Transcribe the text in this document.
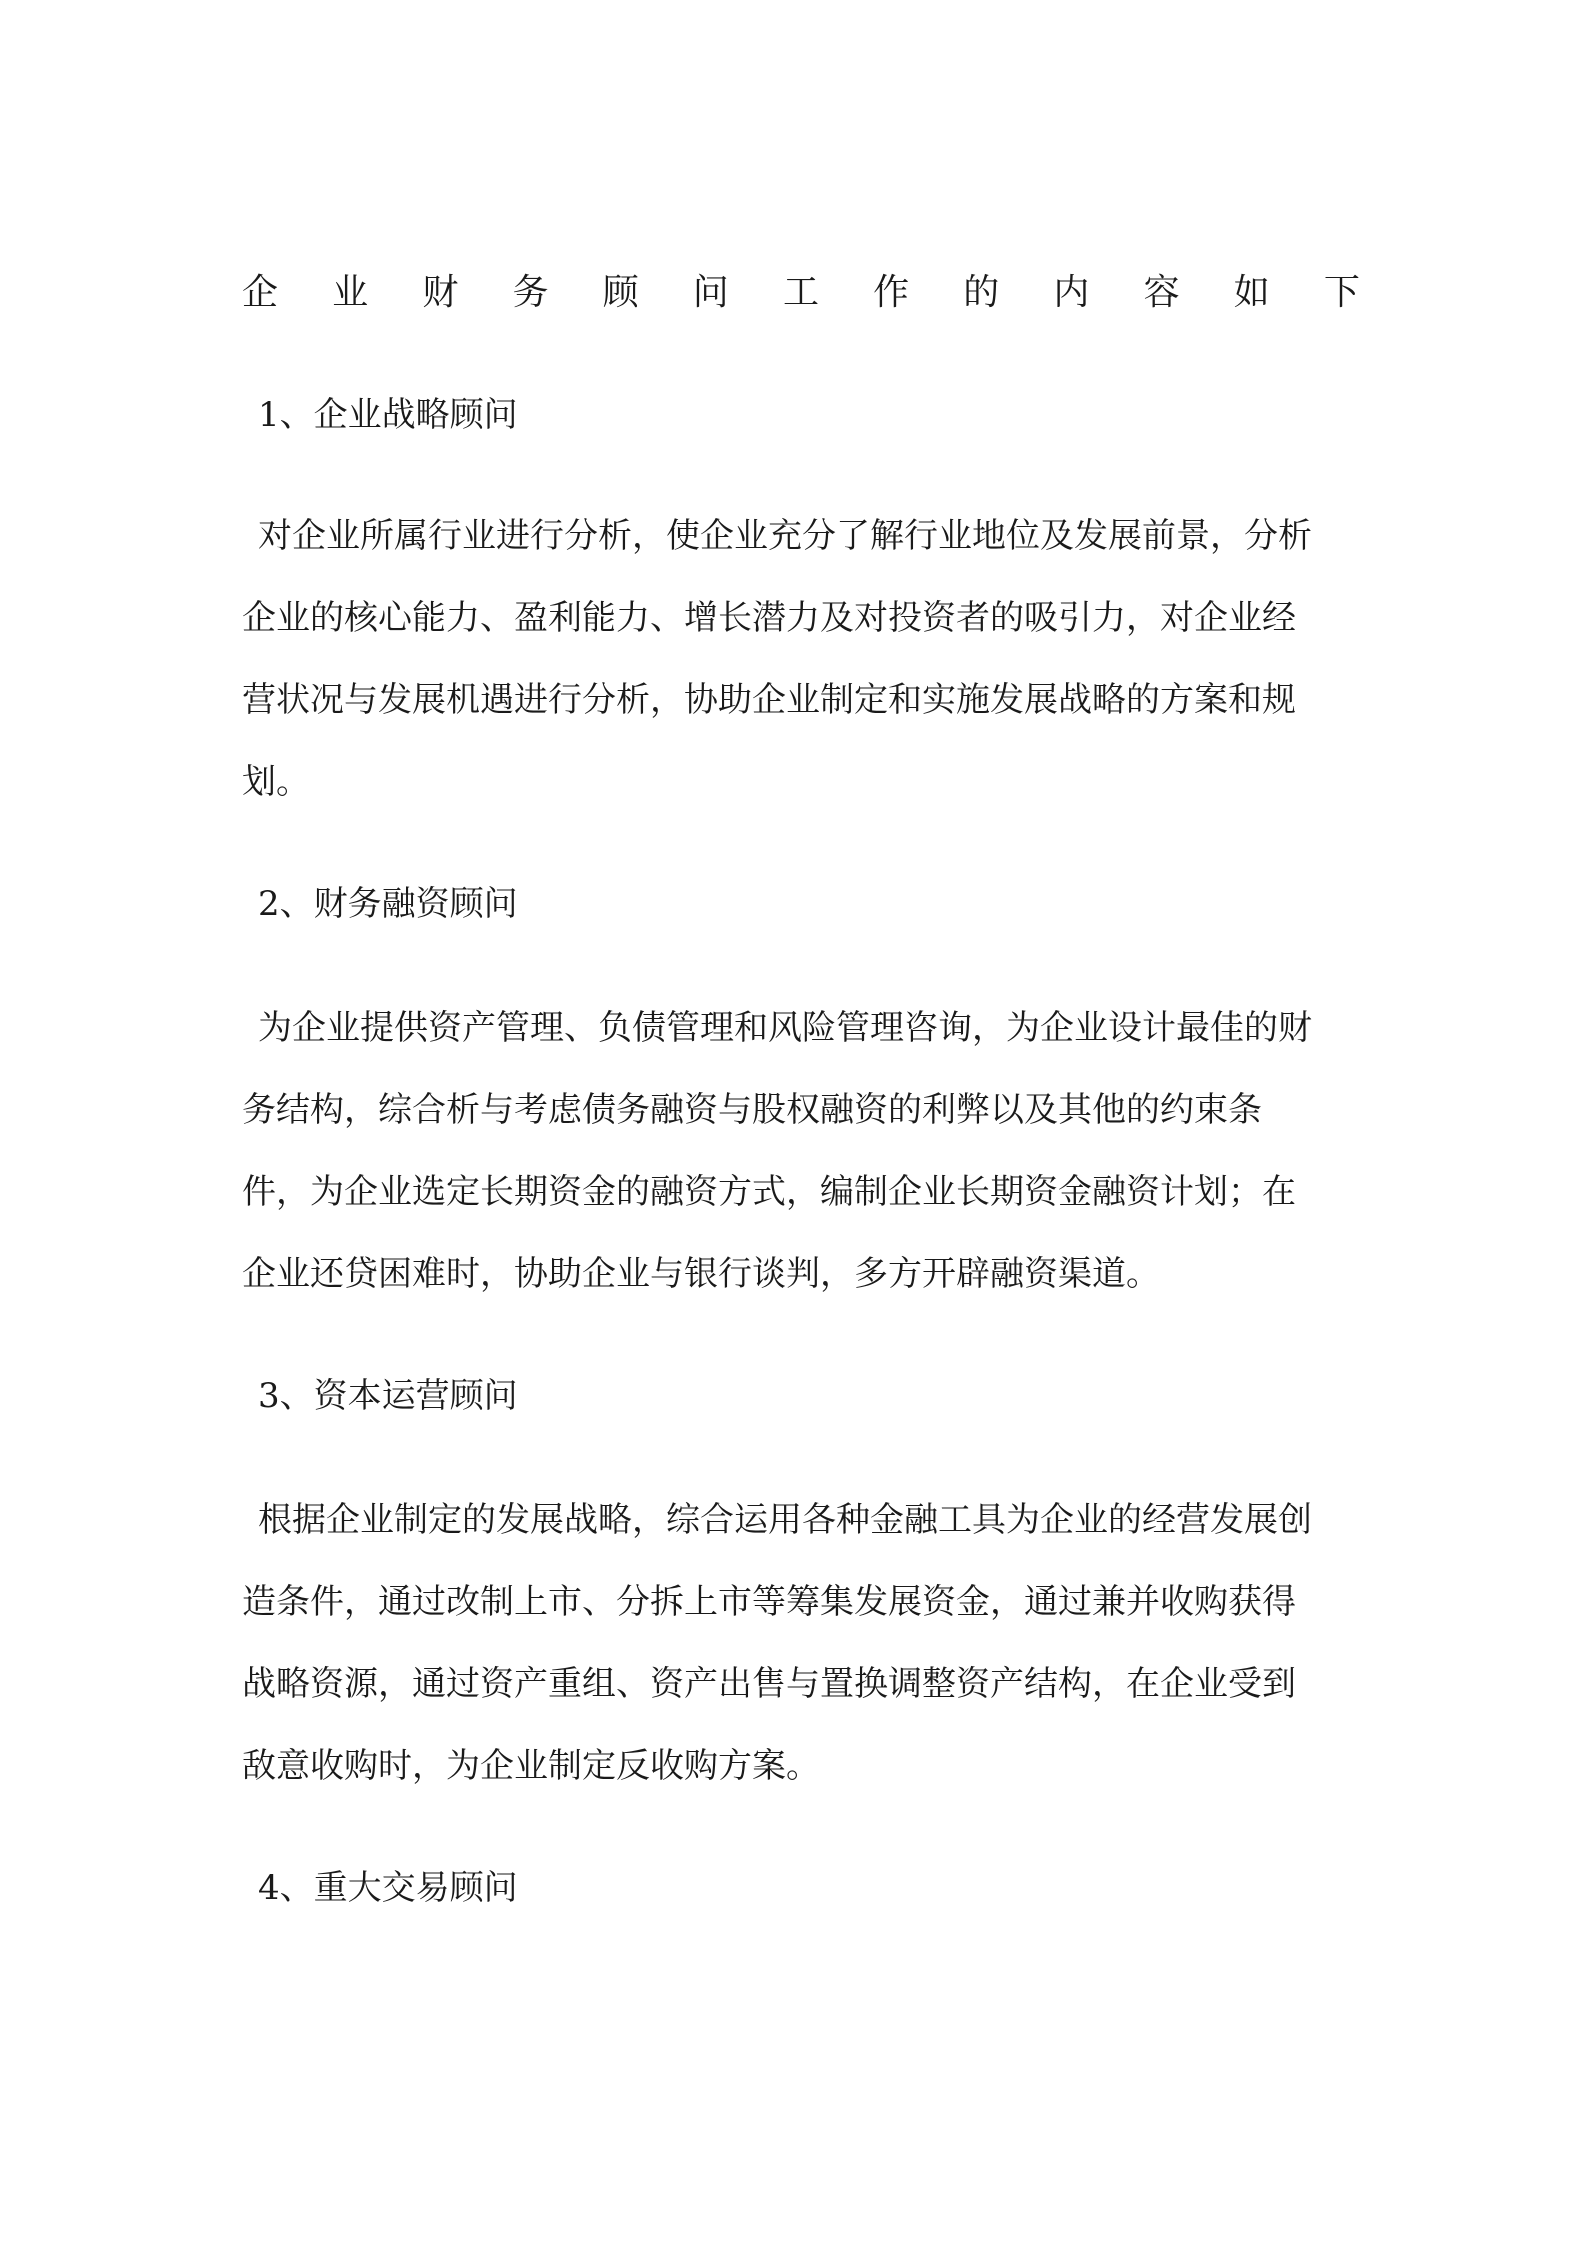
企 业 财 务 顾 问 工 作 的 内 容 如 下
1、企业战略顾问
对企业所属行业进行分析，使企业充分了解行业地位及发展前景，分析
企业的核心能力、盈利能力、增长潜力及对投资者的吸引力，对企业经
营状况与发展机遇进行分析，协助企业制定和实施发展战略的方案和规
划。
2、财务融资顾问
为企业提供资产管理、负债管理和风险管理咨询，为企业设计最佳的财
务结构，综合析与考虑债务融资与股权融资的利弊以及其他的约束条
件，为企业选定长期资金的融资方式，编制企业长期资金融资计划；在
企业还贷困难时，协助企业与银行谈判，多方开辟融资渠道。
3、资本运营顾问
根据企业制定的发展战略，综合运用各种金融工具为企业的经营发展创
造条件，通过改制上市、分拆上市等筹集发展资金，通过兼并收购获得
战略资源，通过资产重组、资产出售与置换调整资产结构，在企业受到
敌意收购时，为企业制定反收购方案。
4、重大交易顾问
